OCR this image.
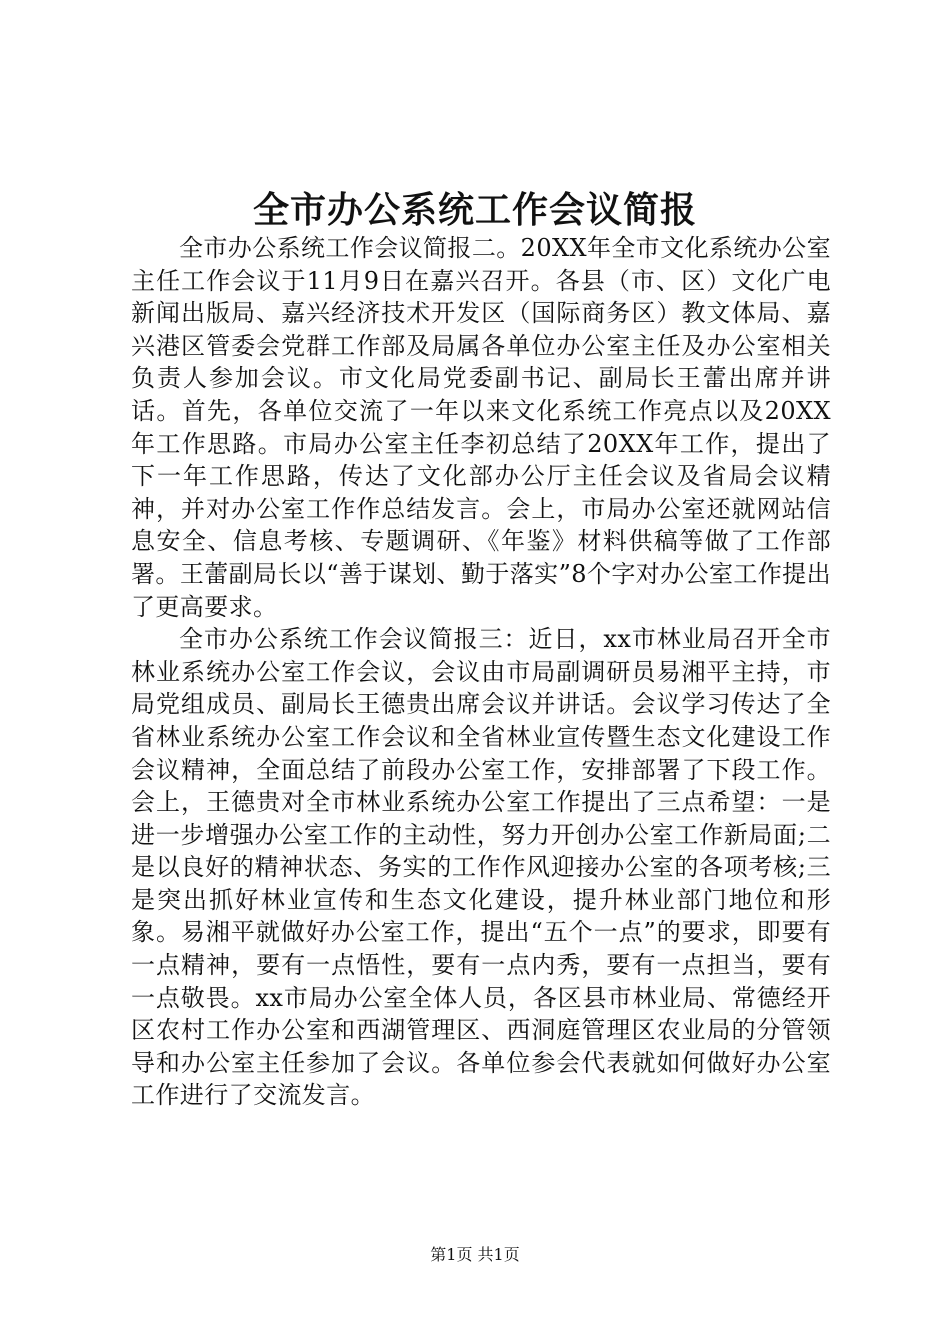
全市办公系统工作会议简报

全市办公系统工作会议简报二。20XX年全市文化系统办公室主任工作会议于11月9日在嘉兴召开。各县（市、区）文化广电新闻出版局、嘉兴经济技术开发区（国际商务区）教文体局、嘉兴港区管委会党群工作部及局属各单位办公室主任及办公室相关负责人参加会议。市文化局党委副书记、副局长王蕾出席并讲话。首先，各单位交流了一年以来文化系统工作亮点以及20XX年工作思路。市局办公室主任李初总结了20XX年工作，提出了下一年工作思路，传达了文化部办公厅主任会议及省局会议精神，并对办公室工作作总结发言。会上，市局办公室还就网站信息安全、信息考核、专题调研、《年鉴》材料供稿等做了工作部署。王蕾副局长以“善于谋划、勤于落实”8个字对办公室工作提出了更高要求。

全市办公系统工作会议简报三：近日，xx市林业局召开全市林业系统办公室工作会议，会议由市局副调研员易湘平主持，市局党组成员、副局长王德贵出席会议并讲话。会议学习传达了全省林业系统办公室工作会议和全省林业宣传暨生态文化建设工作会议精神，全面总结了前段办公室工作，安排部署了下段工作。会上，王德贵对全市林业系统办公室工作提出了三点希望：一是进一步增强办公室工作的主动性，努力开创办公室工作新局面;二是以良好的精神状态、务实的工作作风迎接办公室的各项考核;三是突出抓好林业宣传和生态文化建设，提升林业部门地位和形象。易湘平就做好办公室工作，提出“五个一点”的要求，即要有一点精神，要有一点悟性，要有一点内秀，要有一点担当，要有一点敬畏。xx市局办公室全体人员，各区县市林业局、常德经开区农村工作办公室和西湖管理区、西洞庭管理区农业局的分管领导和办公室主任参加了会议。各单位参会代表就如何做好办公室工作进行了交流发言。

第1页 共1页
